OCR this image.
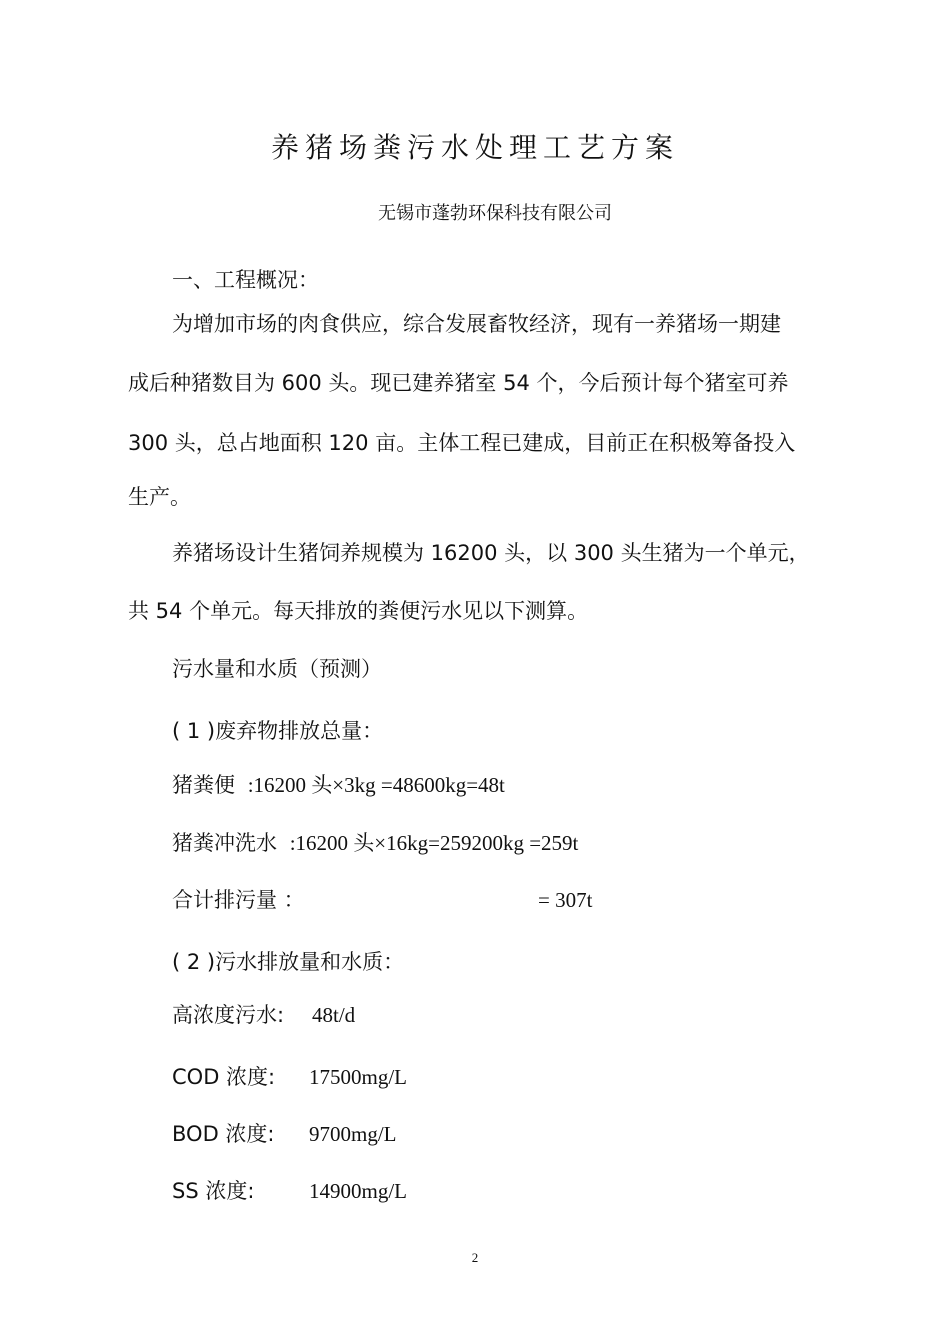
养猪场粪污水处理工艺方案
无锡市蓬勃环保科技有限公司
一、工程概况：
为增加市场的肉食供应，综合发展畜牧经济，现有一养猪场一期建
成后种猪数目为 600 头。现已建养猪室 54 个，今后预计每个猪室可养
300 头，总占地面积 120 亩。主体工程已建成，目前正在积极筹备投入
生产。
养猪场设计生猪饲养规模为 16200 头，以 300 头生猪为一个单元，
共 54 个单元。每天排放的粪便污水见以下测算。
污水量和水质（预测）
( 1 )废弃物排放总量：
猪粪便 :16200 头×3kg =48600kg=48t
猪粪冲洗水 :16200 头×16kg=259200kg =259t
合计排污量 ：	= 307t
( 2 )污水排放量和水质：
高浓度污水: 48t/d
COD 浓度: 17500mg/L
BOD 浓度: 9700mg/L
SS 浓度:	14900mg/L
2
